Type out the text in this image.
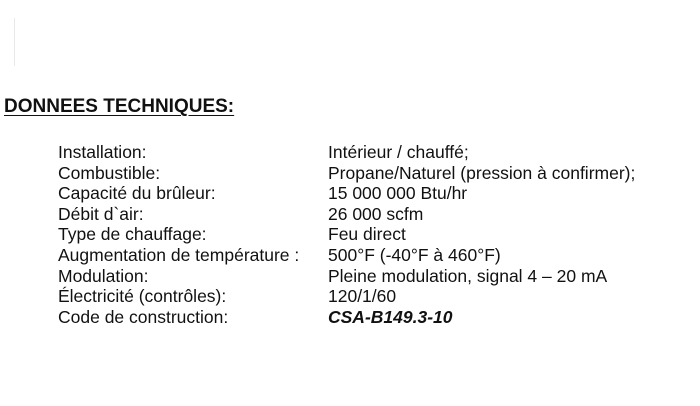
DONNEES TECHNIQUES:
Installation:	Intérieur / chauffé;
Combustible:	Propane/Naturel (pression à confirmer);
Capacité du brûleur:	15 000 000 Btu/hr
Débit d`air:	26 000 scfm
Type de chauffage:	Feu direct
Augmentation de température : 500°F (-40°F à 460°F)
Modulation:	Pleine modulation, signal 4 – 20 mA
Électricité (contrôles):	120/1/60
Code de construction:	CSA-B149.3-10
